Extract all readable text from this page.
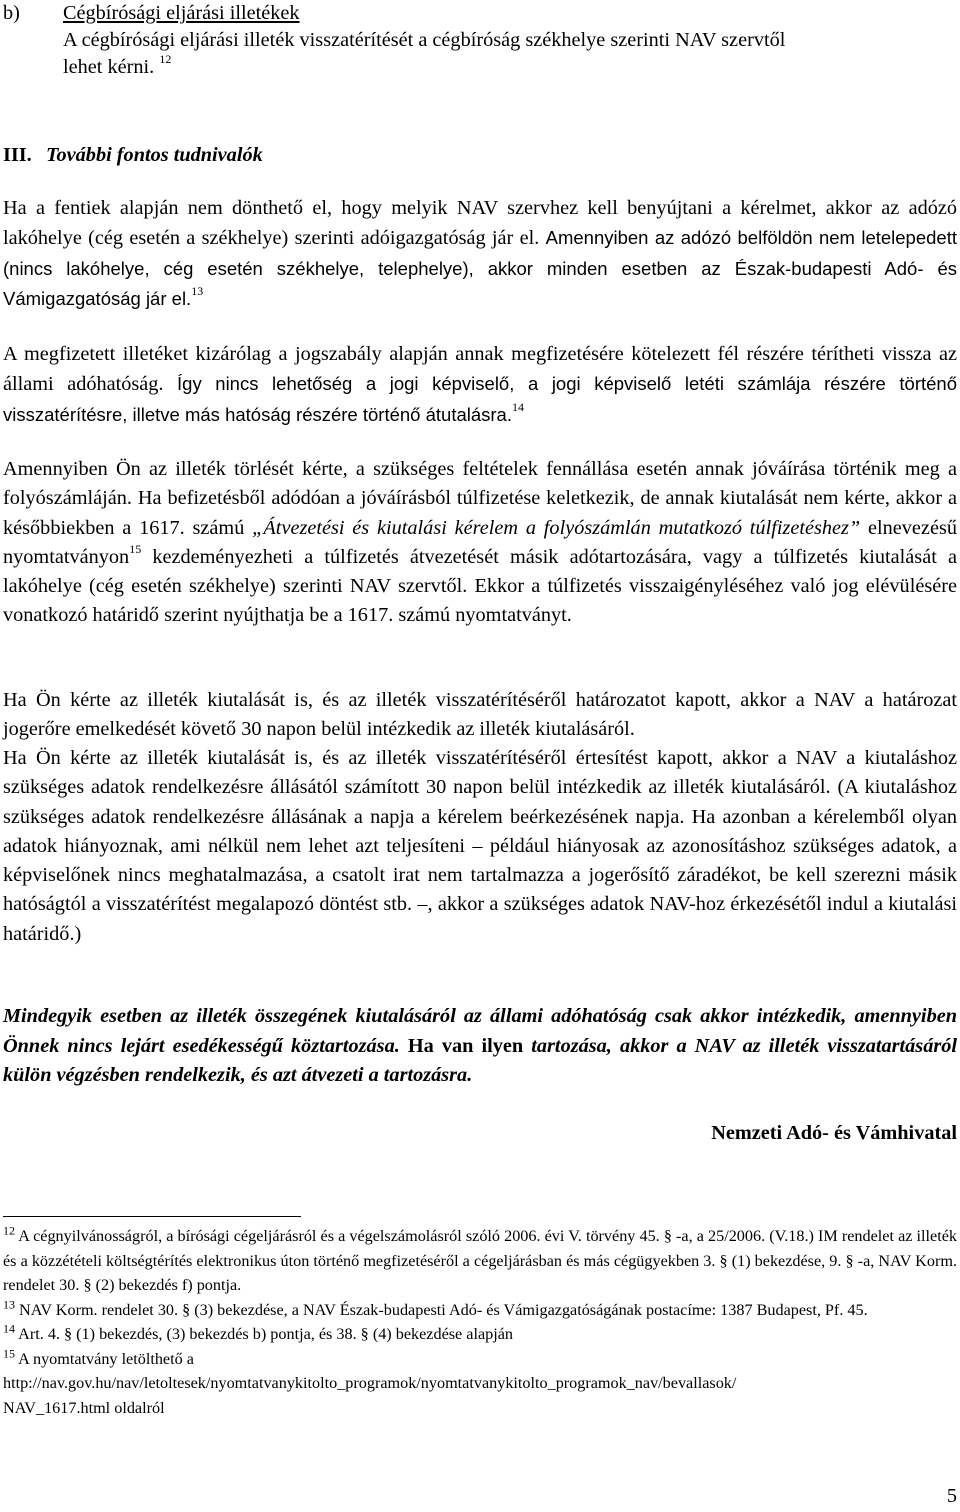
b) Cégbírósági eljárási illetékek
A cégbírósági eljárási illeték visszatérítését a cégbíróság székhelye szerinti NAV szervtől
lehet kérni. $^{12}$
III. További fontos tudnivalók
Ha a fentiek alapján nem dönthető el, hogy melyik NAV szervhez kell benyújtani a kérelmet, akkor az adózó lakóhelye (cég esetén a székhelye) szerinti adóigazgatóság jár el. Amennyiben az adózó belföldön nem letelepedett (nincs lakóhelye, cég esetén székhelye, telephelye), akkor minden esetben az Észak-budapesti Adó- és Vámigazgatóság jár el.$^{13}$
A megfizetett illetéket kizárólag a jogszabály alapján annak megfizetésére kötelezett fél részére térítheti vissza az állami adóhatóság. Így nincs lehetőség a jogi képviselő, a jogi képviselő letéti számlája részére történő visszatérítésre, illetve más hatóság részére történő átutalásra.$^{14}$
Amennyiben Ön az illeték törlését kérte, a szükséges feltételek fennállása esetén annak jóváírása történik meg a folyószámláján. Ha befizetésből adódóan a jóváírásból túlfizetése keletkezik, de annak kiutalását nem kérte, akkor a későbbiekben a 1617. számú „Átvezetési és kiutalási kérelem a folyószámlán mutatkozó túlfizetéshez” elnevezésű nyomtatványon$^{15}$ kezdeményezheti a túlfizetés átvezetését másik adótartozására, vagy a túlfizetés kiutalását a lakóhelye (cég esetén székhelye) szerinti NAV szervtől. Ekkor a túlfizetés visszaigényléséhez való jog elévülésére vonatkozó határidő szerint nyújthatja be a 1617. számú nyomtatványt.
Ha Ön kérte az illeték kiutalását is, és az illeték visszatérítéséről határozatot kapott, akkor a NAV a határozat jogerőre emelkedését követő 30 napon belül intézkedik az illeték kiutalásáról.
Ha Ön kérte az illeték kiutalását is, és az illeték visszatérítéséről értesítést kapott, akkor a NAV a kiutaláshoz szükséges adatok rendelkezésre állásától számított 30 napon belül intézkedik az illeték kiutalásáról. (A kiutaláshoz szükséges adatok rendelkezésre állásának a napja a kérelem beérkezésének napja. Ha azonban a kérelemből olyan adatok hiányoznak, ami nélkül nem lehet azt teljesíteni – például hiányosak az azonosításhoz szükséges adatok, a képviselőnek nincs meghatalmazása, a csatolt irat nem tartalmazza a jogerősítő záradékot, be kell szerezni másik hatóságtól a visszatérítést megalapozó döntést stb. –, akkor a szükséges adatok NAV-hoz érkezésétől indul a kiutalási határidő.)
Mindegyik esetben az illeték összegének kiutalásáról az állami adóhatóság csak akkor intézkedik, amennyiben Önnek nincs lejárt esedékességű köztartozása. Ha van ilyen tartozása, akkor a NAV az illeték visszatartásáról külön végzésben rendelkezik, és azt átvezeti a tartozásra.
Nemzeti Adó- és Vámhivatal
$^{12}$ A cégnyilvánosságról, a bírósági cégeljárásról és a végelszámolásról szóló 2006. évi V. törvény 45. § -a, a 25/2006. (V.18.) IM rendelet az illeték és a közzétételi költségtérítés elektronikus úton történő megfizetéséről a cégeljárásban és más cégügyekben 3. § (1) bekezdése, 9. § -a, NAV Korm. rendelet 30. § (2) bekezdés f) pontja.
$^{13}$ NAV Korm. rendelet 30. § (3) bekezdése, a NAV Észak-budapesti Adó- és Vámigazgatóságának postacíme: 1387 Budapest, Pf. 45.
$^{14}$ Art. 4. § (1) bekezdés, (3) bekezdés b) pontja, és 38. § (4) bekezdése alapján
$^{15}$ A nyomtatvány letölthető a
http://nav.gov.hu/nav/letoltesek/nyomtatvanykitolto_programok/nyomtatvanykitolto_programok_nav/bevallasok/
NAV_1617.html oldalról
5
